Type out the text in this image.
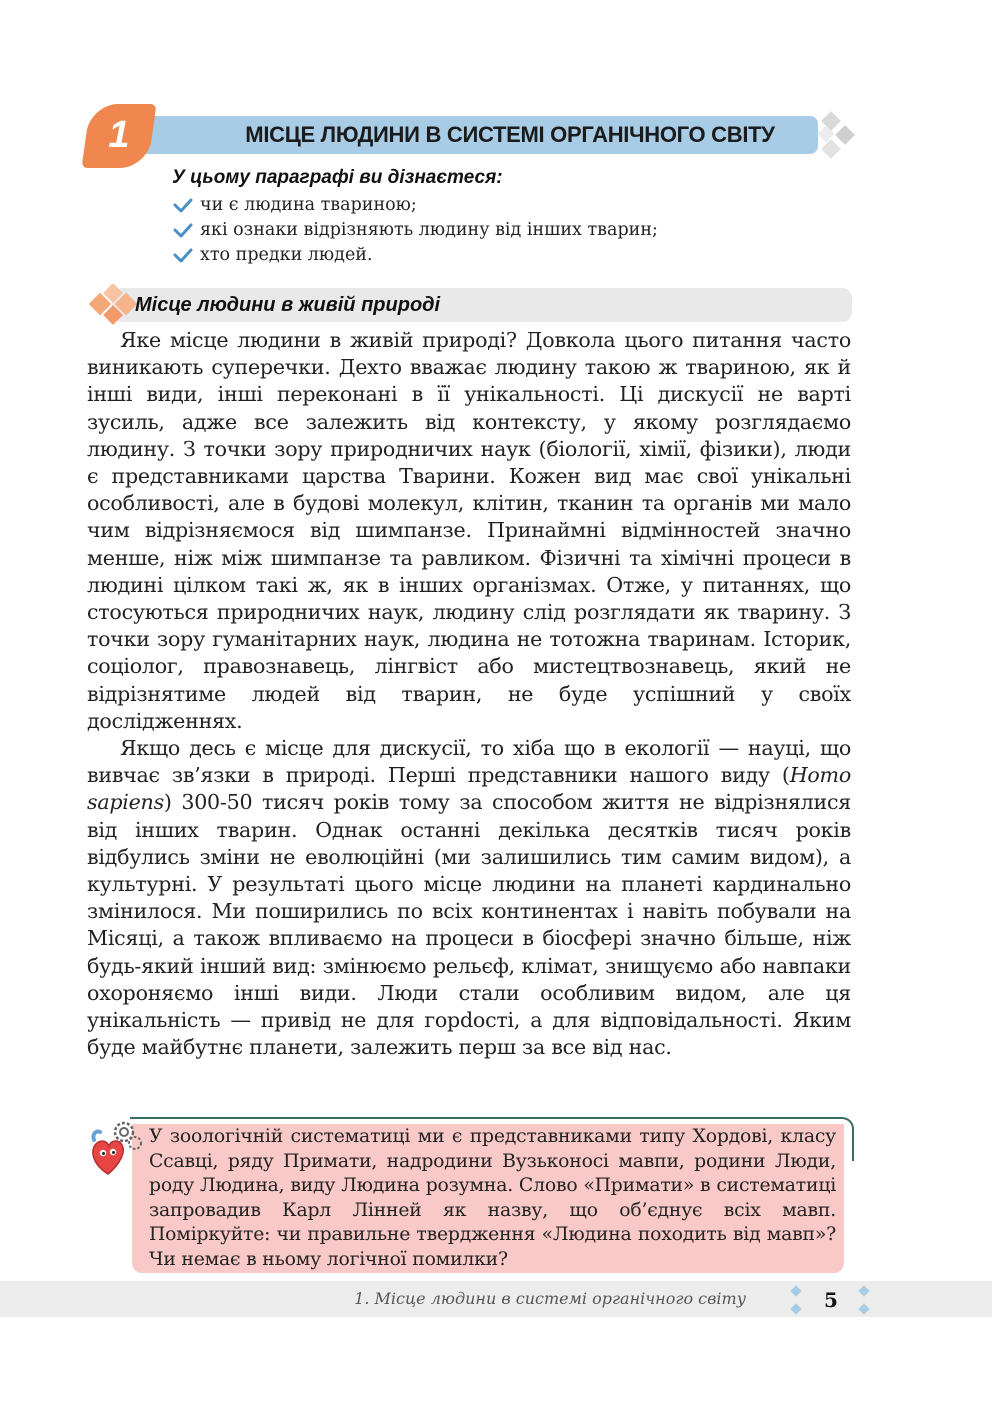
МІСЦЕ ЛЮДИНИ В СИСТЕМІ ОРГАНІЧНОГО СВІТУ
1
У цьому параграфі ви дізнаєтеся:
чи є людина твариною;
які ознаки відрізняють людину від інших тварин;
хто предки людей.
Місце людини в живій природі

Яке місце людини в живій природі? Довкола цього питання часто виникають суперечки. Дехто вважає людину такою ж твариною, як й інші види, інші переконані в її унікальності. Ці дискусії не варті зусиль, адже все залежить від контексту, у якому розглядаємо людину. З точки зору природничих наук (біології, хімії, фізики), люди є представниками царства Тварини. Кожен вид має свої унікальні особливості, але в будові молекул, клітин, тканин та органів ми мало чим відрізняємося від шимпанзе. Принаймні відмінностей значно менше, ніж між шимпанзе та равликом. Фізичні та хімічні процеси в людині цілком такі ж, як в інших організмах. Отже, у питаннях, що стосуються природничих наук, людину слід розглядати як тварину. З точки зору гуманітарних наук, людина не тотожна тваринам. Історик, соціолог, правознавець, лінгвіст або мистецтвознавець, який не відрізнятиме людей від тварин, не буде успішний у своїх дослідженнях.

Якщо десь є місце для дискусії, то хіба що в екології — науці, що вивчає зв’язки в природі. Перші представники нашого виду (Homo sapiens) 300-50 тисяч років тому за способом життя не відрізнялися від інших тварин. Однак останні декілька десятків тисяч років відбулись зміни не еволюційні (ми залишились тим самим видом), а культурні. У результаті цього місце людини на планеті кардинально змінилося. Ми поширились по всіх континентах і навіть побували на Місяці, а також впливаємо на процеси в біосфері значно більше, ніж будь-який інший вид: змінюємо рельєф, клімат, знищуємо або навпаки охороняємо інші види. Люди стали особливим видом, але ця унікальність — привід не для горdості, а для відповідальності. Яким буде майбутнє планети, залежить перш за все від нас.

У зоологічній систематиці ми є представниками типу Хордові, класу Ссавці, ряду Примати, надродини Вузьконосі мавпи, родини Люди, роду Людина, виду Людина розумна. Слово «Примати» в систематиці запровадив Карл Лінней як назву, що об’єднує всіх мавп. Поміркуйте: чи правильне твердження «Людина походить від мавп»? Чи немає в ньому логічної помилки?

1. Місце людини в системі органічного світу	5
